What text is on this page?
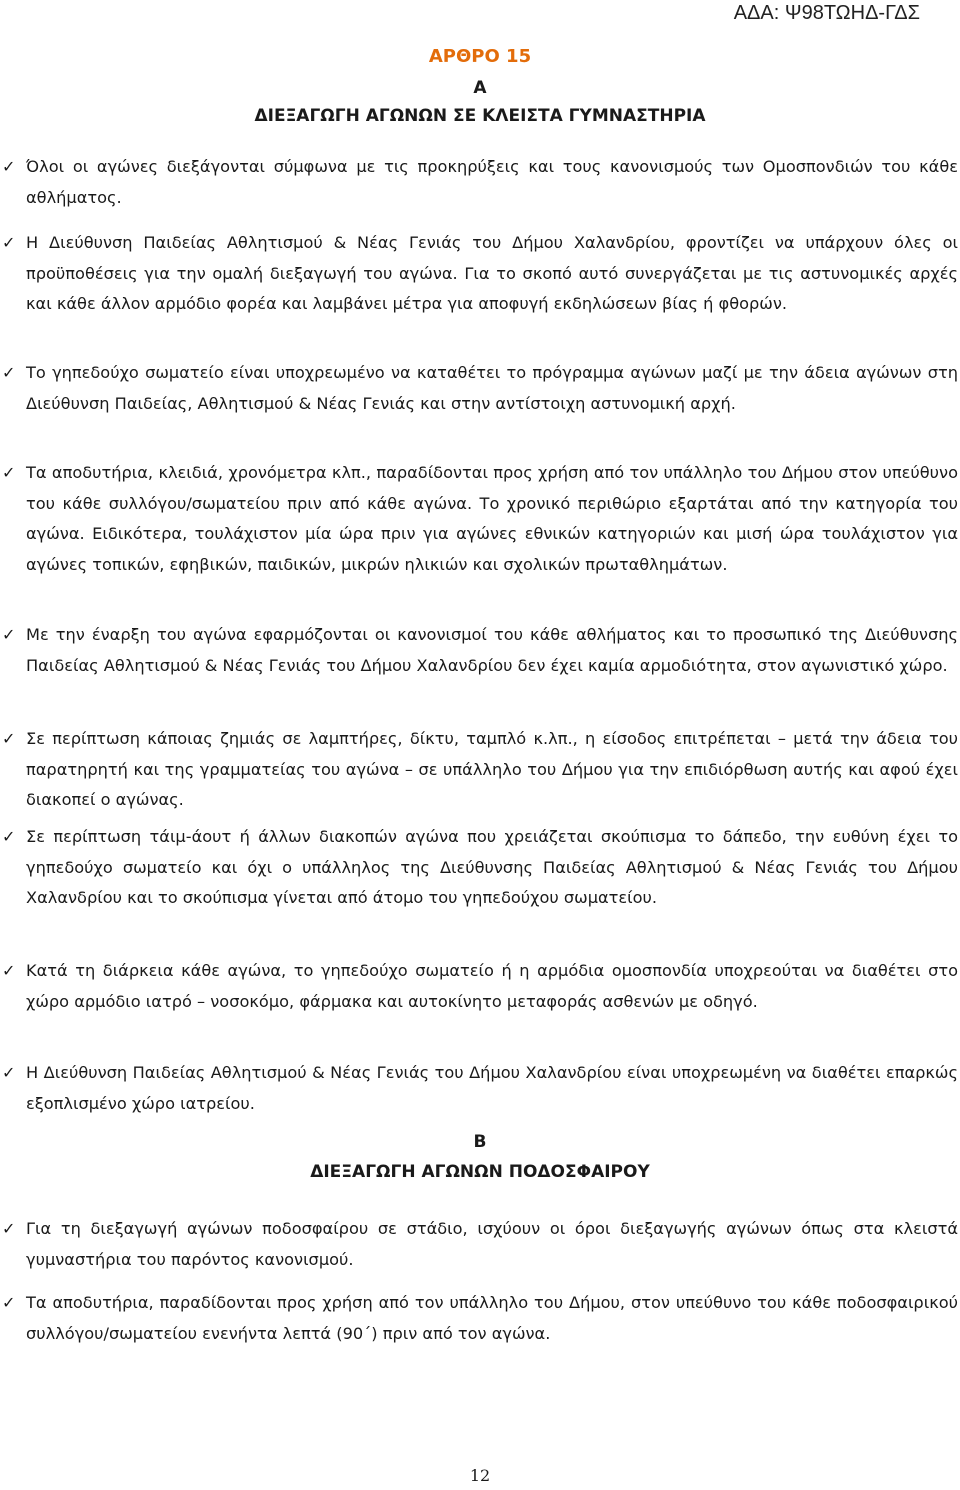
ΑΔΑ: Ψ98ΤΩΗΔ-ΓΔΣ
ΑΡΘΡΟ 15
Α
ΔΙΕΞΑΓΩΓΗ ΑΓΩΝΩΝ ΣΕ ΚΛΕΙΣΤΑ ΓΥΜΝΑΣΤΗΡΙΑ
✓ Όλοι οι αγώνες διεξάγονται σύμφωνα με τις προκηρύξεις και τους κανονισμούς των Ομοσπονδιών του κάθε αθλήματος.

✓ Η Διεύθυνση Παιδείας Αθλητισμού & Νέας Γενιάς του Δήμου Χαλανδρίου, φροντίζει να υπάρχουν όλες οι προϋποθέσεις για την ομαλή διεξαγωγή του αγώνα. Για το σκοπό αυτό συνεργάζεται με τις αστυνομικές αρχές και κάθε άλλον αρμόδιο φορέα και λαμβάνει μέτρα για αποφυγή εκδηλώσεων βίας ή φθορών.

✓ Το γηπεδούχο σωματείο είναι υποχρεωμένο να καταθέτει το πρόγραμμα αγώνων μαζί με την άδεια αγώνων στη Διεύθυνση Παιδείας, Αθλητισμού & Νέας Γενιάς και στην αντίστοιχη αστυνομική αρχή.

✓ Τα αποδυτήρια, κλειδιά, χρονόμετρα κλπ., παραδίδονται προς χρήση από τον υπάλληλο του Δήμου στον υπεύθυνο του κάθε συλλόγου/σωματείου πριν από κάθε αγώνα. Το χρονικό περιθώριο εξαρτάται από την κατηγορία του αγώνα. Ειδικότερα, τουλάχιστον μία ώρα πριν για αγώνες εθνικών κατηγοριών και μισή ώρα τουλάχιστον για αγώνες τοπικών, εφηβικών, παιδικών, μικρών ηλικιών και σχολικών πρωταθλημάτων.

✓ Με την έναρξη του αγώνα εφαρμόζονται οι κανονισμοί του κάθε αθλήματος και το προσωπικό της Διεύθυνσης Παιδείας Αθλητισμού & Νέας Γενιάς του Δήμου Χαλανδρίου δεν έχει καμία αρμοδιότητα, στον αγωνιστικό χώρο.

✓ Σε περίπτωση κάποιας ζημιάς σε λαμπτήρες, δίκτυ, ταμπλό κ.λπ., η είσοδος επιτρέπεται – μετά την άδεια του παρατηρητή και της γραμματείας του αγώνα – σε υπάλληλο του Δήμου για την επιδιόρθωση αυτής και αφού έχει διακοπεί ο αγώνας.

✓ Σε περίπτωση τάιμ-άουτ ή άλλων διακοπών αγώνα που χρειάζεται σκούπισμα το δάπεδο, την ευθύνη έχει το γηπεδούχο σωματείο και όχι ο υπάλληλος της Διεύθυνσης Παιδείας Αθλητισμού & Νέας Γενιάς του Δήμου Χαλανδρίου και το σκούπισμα γίνεται από άτομο του γηπεδούχου σωματείου.

✓ Κατά τη διάρκεια κάθε αγώνα, το γηπεδούχο σωματείο ή η αρμόδια ομοσπονδία υποχρεούται να διαθέτει στο χώρο αρμόδιο ιατρό – νοσοκόμο, φάρμακα και αυτοκίνητο μεταφοράς ασθενών με οδηγό.

✓ Η Διεύθυνση Παιδείας Αθλητισμού & Νέας Γενιάς του Δήμου Χαλανδρίου είναι υποχρεωμένη να διαθέτει επαρκώς εξοπλισμένο χώρο ιατρείου.

Β
ΔΙΕΞΑΓΩΓΗ ΑΓΩΝΩΝ ΠΟΔΟΣΦΑΙΡΟΥ
✓ Για τη διεξαγωγή αγώνων ποδοσφαίρου σε στάδιο, ισχύουν οι όροι διεξαγωγής αγώνων όπως στα κλειστά γυμναστήρια του παρόντος κανονισμού.

✓ Τα αποδυτήρια, παραδίδονται προς χρήση από τον υπάλληλο του Δήμου, στον υπεύθυνο του κάθε ποδοσφαιρικού συλλόγου/σωματείου ενενήντα λεπτά (90΄) πριν από τον αγώνα.

12
